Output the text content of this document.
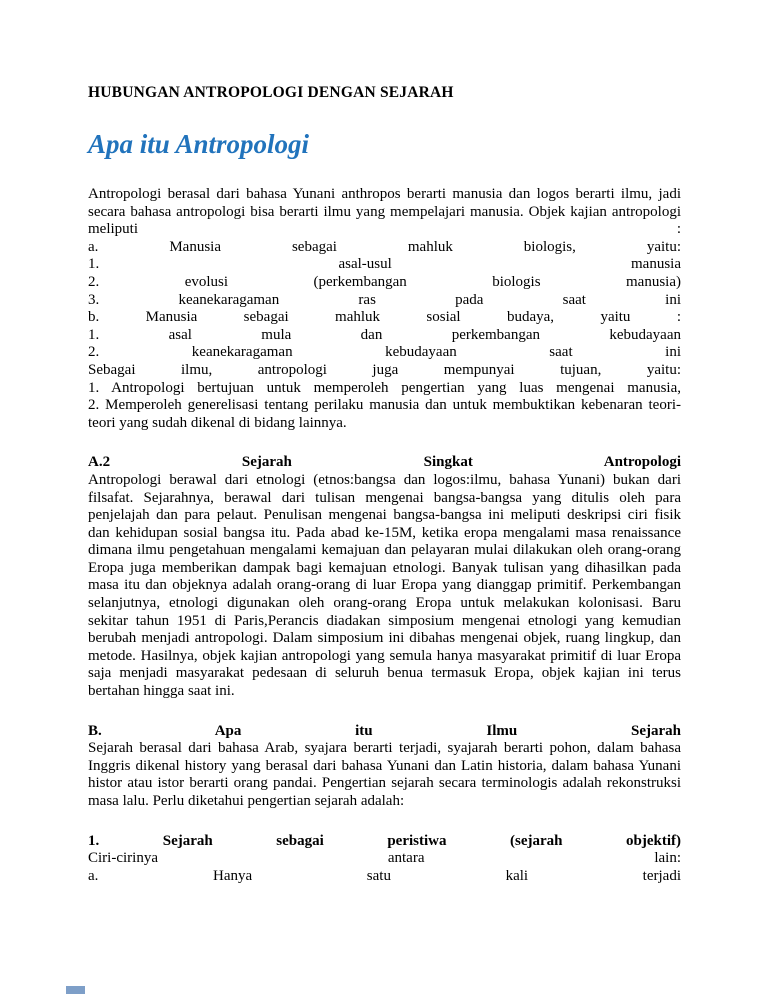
HUBUNGAN ANTROPOLOGI DENGAN SEJARAH
Apa itu Antropologi
Antropologi berasal dari bahasa Yunani anthropos berarti manusia dan logos berarti ilmu, jadi
secara bahasa antropologi bisa berarti ilmu yang mempelajari manusia. Objek kajian antropologi
meliputi :
a. Manusia sebagai mahluk biologis, yaitu:
1. asal-usul manusia
2. evolusi (perkembangan biologis manusia)
3. keanekaragaman ras pada saat ini
b. Manusia sebagai mahluk sosial budaya, yaitu :
1. asal mula dan perkembangan kebudayaan
2. keanekaragaman kebudayaan saat ini
Sebagai ilmu, antropologi juga mempunyai tujuan, yaitu:
1. Antropologi bertujuan untuk memperoleh pengertian yang luas mengenai manusia,
2. Memperoleh generelisasi tentang perilaku manusia dan untuk membuktikan kebenaran teori-
teori yang sudah dikenal di bidang lainnya.
A.2 Sejarah Singkat Antropologi
Antropologi berawal dari etnologi (etnos:bangsa dan logos:ilmu, bahasa Yunani) bukan dari
filsafat. Sejarahnya, berawal dari tulisan mengenai bangsa-bangsa yang ditulis oleh para
penjelajah dan para pelaut. Penulisan mengenai bangsa-bangsa ini meliputi deskripsi ciri fisik
dan kehidupan sosial bangsa itu. Pada abad ke-15M, ketika eropa mengalami masa renaissance
dimana ilmu pengetahuan mengalami kemajuan dan pelayaran mulai dilakukan oleh orang-orang
Eropa juga memberikan dampak bagi kemajuan etnologi. Banyak tulisan yang dihasilkan pada
masa itu dan objeknya adalah orang-orang di luar Eropa yang dianggap primitif. Perkembangan
selanjutnya, etnologi digunakan oleh orang-orang Eropa untuk melakukan kolonisasi. Baru
sekitar tahun 1951 di Paris,Perancis diadakan simposium mengenai etnologi yang kemudian
berubah menjadi antropologi. Dalam simposium ini dibahas mengenai objek, ruang lingkup, dan
metode. Hasilnya, objek kajian antropologi yang semula hanya masyarakat primitif di luar Eropa
saja menjadi masyarakat pedesaan di seluruh benua termasuk Eropa, objek kajian ini terus
bertahan hingga saat ini.
B. Apa itu Ilmu Sejarah
Sejarah berasal dari bahasa Arab, syajara berarti terjadi, syajarah berarti pohon, dalam bahasa
Inggris dikenal history yang berasal dari bahasa Yunani dan Latin historia, dalam bahasa Yunani
histor atau istor berarti orang pandai. Pengertian sejarah secara terminologis adalah rekonstruksi
masa lalu. Perlu diketahui pengertian sejarah adalah:
1. Sejarah sebagai peristiwa (sejarah objektif)
Ciri-cirinya antara lain:
a. Hanya satu kali terjadi
